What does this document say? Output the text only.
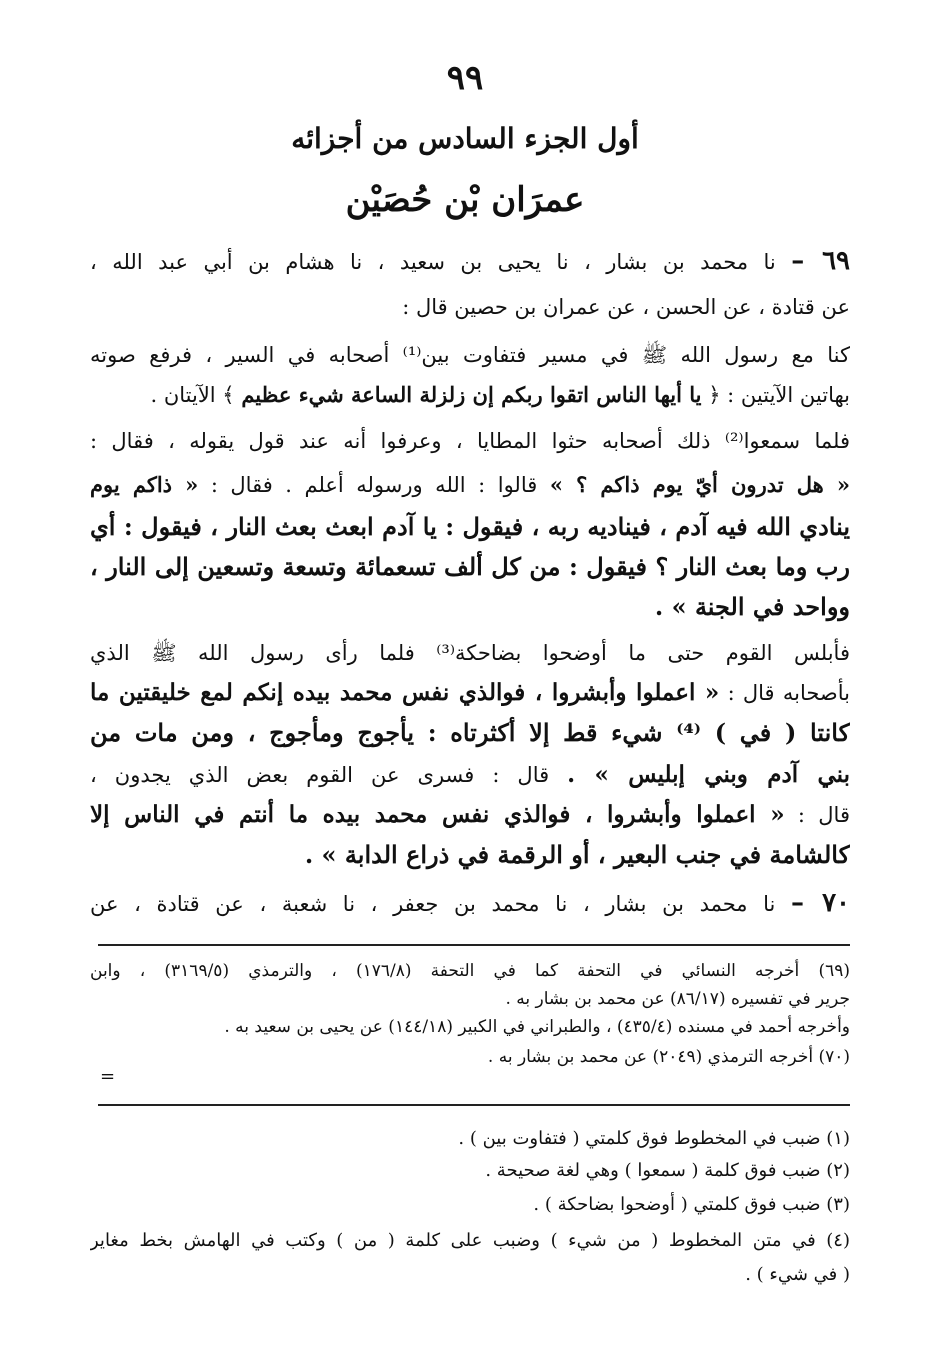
٩٩
أول الجزء السادس من أجزائه
عمرَان بْن حُصَيْن
٦٩ – نا محمد بن بشار ، نا يحيى بن سعيد ، نا هشام بن أبي عبد الله ،
عن قتادة ، عن الحسن ، عن عمران بن حصين قال :
كنا مع رسول الله ﷺ في مسير فتفاوت بين⁽¹⁾ أصحابه في السير ، فرفع صوته
بهاتين الآيتين : ﴿ يا أيها الناس اتقوا ربكم إن زلزلة الساعة شيء عظيم ﴾ الآيتان .
فلما سمعوا⁽²⁾ ذلك أصحابه حثوا المطايا ، وعرفوا أنه عند قول يقوله ، فقال :
« هل تدرون أيّ يوم ذاكم ؟ » قالوا : الله ورسوله أعلم . فقال : « ذاكم يوم
ينادي الله فيه آدم ، فيناديه ربه ، فيقول : يا آدم ابعث بعث النار ، فيقول : أي
رب وما بعث النار ؟ فيقول : من كل ألف تسعمائة وتسعة وتسعين إلى النار ،
وواحد في الجنة » .
فأبلس القوم حتى ما أوضحوا بضاحكة⁽³⁾ فلما رأى رسول الله ﷺ الذي
بأصحابه قال : « اعملوا وأبشروا ، فوالذي نفس محمد بيده إنكم لمع خليقتين ما
كانتا ( في ) ⁽⁴⁾ شيء قط إلا أكثرتاه : يأجوج ومأجوج ، ومن مات من
بني آدم وبني إبليس » . قال : فسرى عن القوم بعض الذي يجدون ،
قال : « اعملوا وأبشروا ، فوالذي نفس محمد بيده ما أنتم في الناس إلا
كالشامة في جنب البعير ، أو الرقمة في ذراع الدابة » .
٧٠ – نا محمد بن بشار ، نا محمد بن جعفر ، نا شعبة ، عن قتادة ، عن
(٦٩) أخرجه النسائي في التحفة كما في التحفة (١٧٦/٨) ، والترمذي (٣١٦٩/٥) ، وابن
جرير في تفسيره (٨٦/١٧) عن محمد بن بشار به .
وأخرجه أحمد في مسنده (٤٣٥/٤) ، والطبراني في الكبير (١٤٤/١٨) عن يحيى بن سعيد به .
(٧٠) أخرجه الترمذي (٢٠٤٩) عن محمد بن بشار به .
=
(١) ضبب في المخطوط فوق كلمتي ( فتفاوت بين ) .
(٢) ضبب فوق كلمة ( سمعوا ) وهي لغة صحيحة .
(٣) ضبب فوق كلمتي ( أوضحوا بضاحكة ) .
(٤) في متن المخطوط ( من شيء ) وضبب على كلمة ( من ) وكتب في الهامش بخط مغاير
( في شيء ) .
